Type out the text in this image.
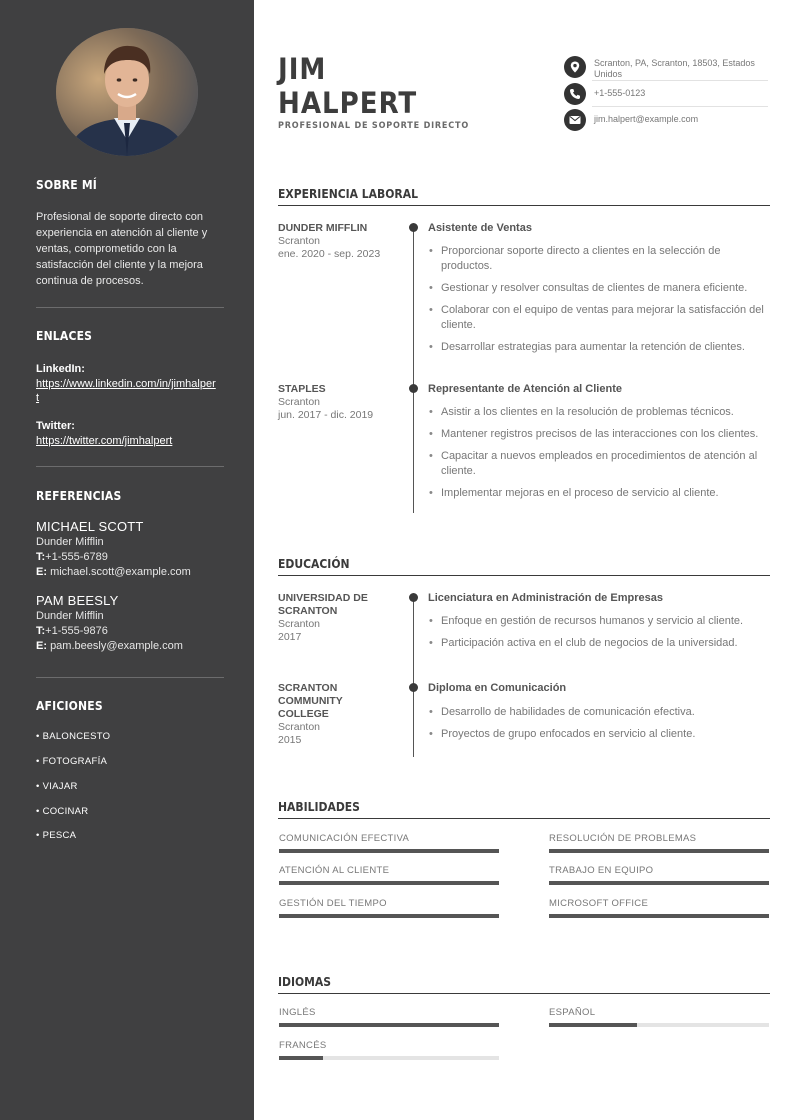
SOBRE MÍ
Profesional de soporte directo con experiencia en atención al cliente y ventas, comprometido con la satisfacción del cliente y la mejora continua de procesos.
ENLACES
LinkedIn:
https://www.linkedin.com/in/jimhalpert
Twitter:
https://twitter.com/jimhalpert
REFERENCIAS
MICHAEL SCOTT
Dunder Mifflin
T:+1-555-6789
E: michael.scott@example.com
PAM BEESLY
Dunder Mifflin
T:+1-555-9876
E: pam.beesly@example.com
AFICIONES
• BALONCESTO
• FOTOGRAFÍA
• VIAJAR
• COCINAR
• PESCA
JIM
HALPERT
PROFESIONAL DE SOPORTE DIRECTO
Scranton, PA, Scranton, 18503, Estados Unidos
+1-555-0123
jim.halpert@example.com
EXPERIENCIA LABORAL
DUNDER MIFFLIN
Scranton
ene. 2020 - sep. 2023
Asistente de Ventas
• Proporcionar soporte directo a clientes en la selección de productos.
• Gestionar y resolver consultas de clientes de manera eficiente.
• Colaborar con el equipo de ventas para mejorar la satisfacción del cliente.
• Desarrollar estrategias para aumentar la retención de clientes.
STAPLES
Scranton
jun. 2017 - dic. 2019
Representante de Atención al Cliente
• Asistir a los clientes en la resolución de problemas técnicos.
• Mantener registros precisos de las interacciones con los clientes.
• Capacitar a nuevos empleados en procedimientos de atención al cliente.
• Implementar mejoras en el proceso de servicio al cliente.
EDUCACIÓN
UNIVERSIDAD DE SCRANTON
Scranton
2017
Licenciatura en Administración de Empresas
• Enfoque en gestión de recursos humanos y servicio al cliente.
• Participación activa en el club de negocios de la universidad.
SCRANTON COMMUNITY COLLEGE
Scranton
2015
Diploma en Comunicación
• Desarrollo de habilidades de comunicación efectiva.
• Proyectos de grupo enfocados en servicio al cliente.
HABILIDADES
COMUNICACIÓN EFECTIVA	RESOLUCIÓN DE PROBLEMAS
ATENCIÓN AL CLIENTE	TRABAJO EN EQUIPO
GESTIÓN DEL TIEMPO	MICROSOFT OFFICE
IDIOMAS
INGLÉS	ESPAÑOL
FRANCÉS
